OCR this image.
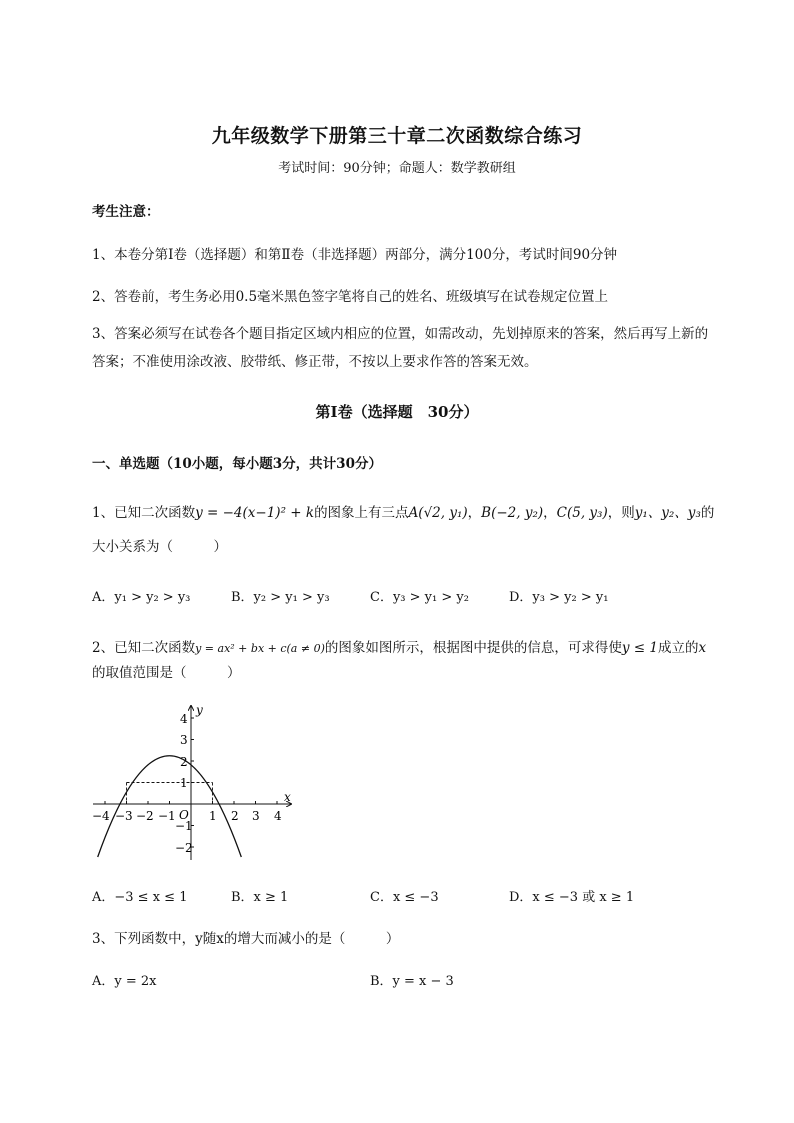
九年级数学下册第三十章二次函数综合练习
考试时间：90分钟；命题人：数学教研组
考生注意：
1、本卷分第I卷（选择题）和第Ⅱ卷（非选择题）两部分，满分100分，考试时间90分钟
2、答卷前，考生务必用0.5毫米黑色签字笔将自己的姓名、班级填写在试卷规定位置上
3、答案必须写在试卷各个题目指定区域内相应的位置，如需改动，先划掉原来的答案，然后再写上新的答案；不准使用涂改液、胶带纸、修正带，不按以上要求作答的答案无效。
第I卷（选择题　30分）
一、单选题（10小题，每小题3分，共计30分）
1、已知二次函数y = −4(x−1)² + k的图象上有三点A(√2, y₁)，B(−2, y₂)，C(5, y₃)，则y₁、y₂、y₃的
大小关系为（　　　）
A．y₁ > y₂ > y₃	B．y₂ > y₁ > y₃	C．y₃ > y₁ > y₂	D．y₃ > y₂ > y₁
2、已知二次函数y = ax² + bx + c(a ≠ 0)的图象如图所示，根据图中提供的信息，可求得使y ≤ 1成立的x
的取值范围是（　　　）
x
y
O
−4 −3 −2 −1	1 2 3 4
4
3
2
1
−1
−2
A．−3 ≤ x ≤ 1	B．x ≥ 1	C．x ≤ −3	D．x ≤ −3 或 x ≥ 1
3、下列函数中，y随x的增大而减小的是（　　　）
A．y = 2x	B．y = x − 3
